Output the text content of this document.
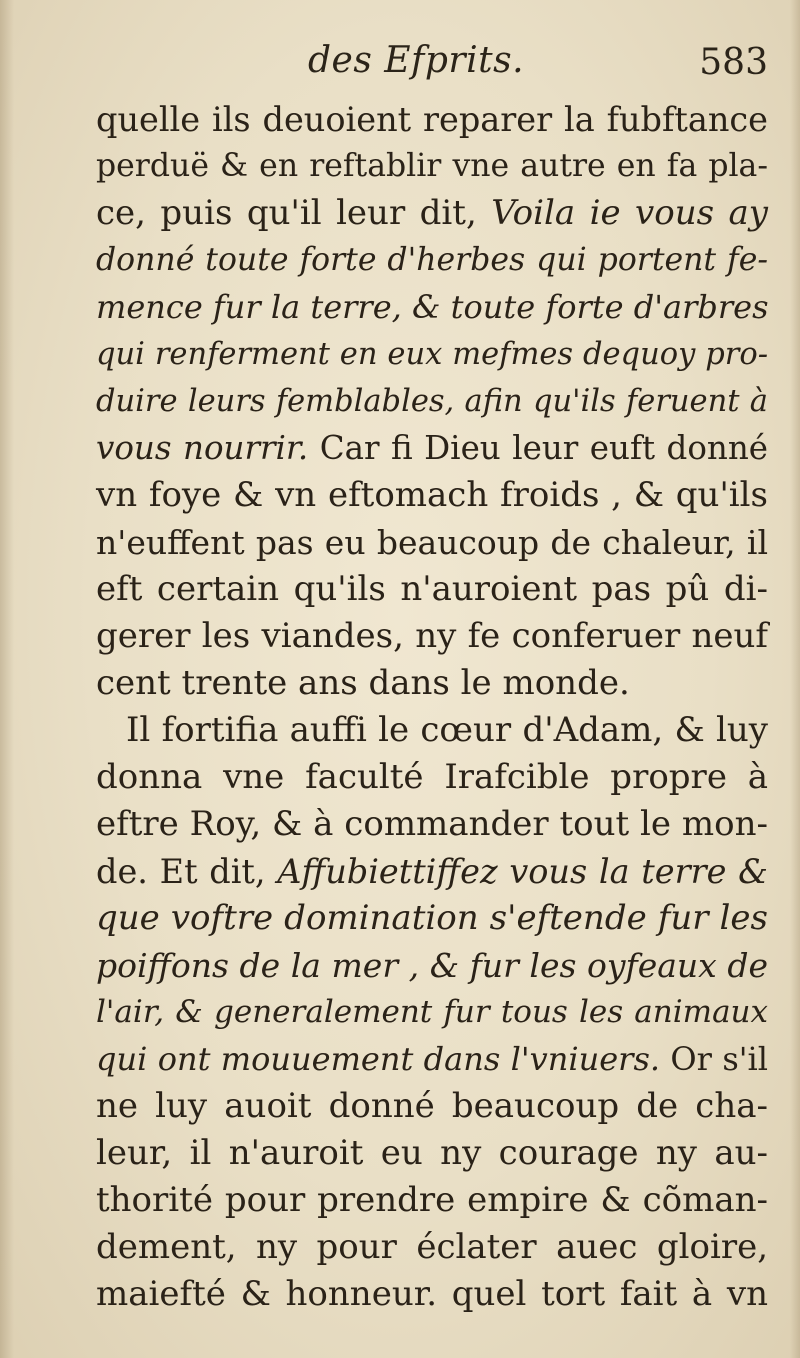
des Efprits.	583
quelle ils deuoient reparer la fubftance
perduë & en reftablir vne autre en fa pla-
ce, puis qu'il leur dit, Voila ie vous ay
donné toute forte d'herbes qui portent fe-
mence fur la terre, & toute forte d'arbres
qui renferment en eux mefmes dequoy pro-
duire leurs femblables, afin qu'ils feruent à
vous nourrir. Car fi Dieu leur euft donné
vn foye & vn eftomach froids , & qu'ils
n'euffent pas eu beaucoup de chaleur, il
eft certain qu'ils n'auroient pas pû di-
gerer les viandes, ny fe conferuer neuf
cent trente ans dans le monde.
Il fortifia auffi le cœur d'Adam, & luy
donna vne faculté Irafcible propre à
eftre Roy, & à commander tout le mon-
de. Et dit, Affubiettiffez vous la terre &
que voftre domination s'eftende fur les
poiffons de la mer , & fur les oyfeaux de
l'air, & generalement fur tous les animaux
qui ont mouuement dans l'vniuers. Or s'il
ne luy auoit donné beaucoup de cha-
leur, il n'auroit eu ny courage ny au-
thorité pour prendre empire & cõman-
dement, ny pour éclater auec gloire,
maiefté & honneur. quel tort fait à vn
